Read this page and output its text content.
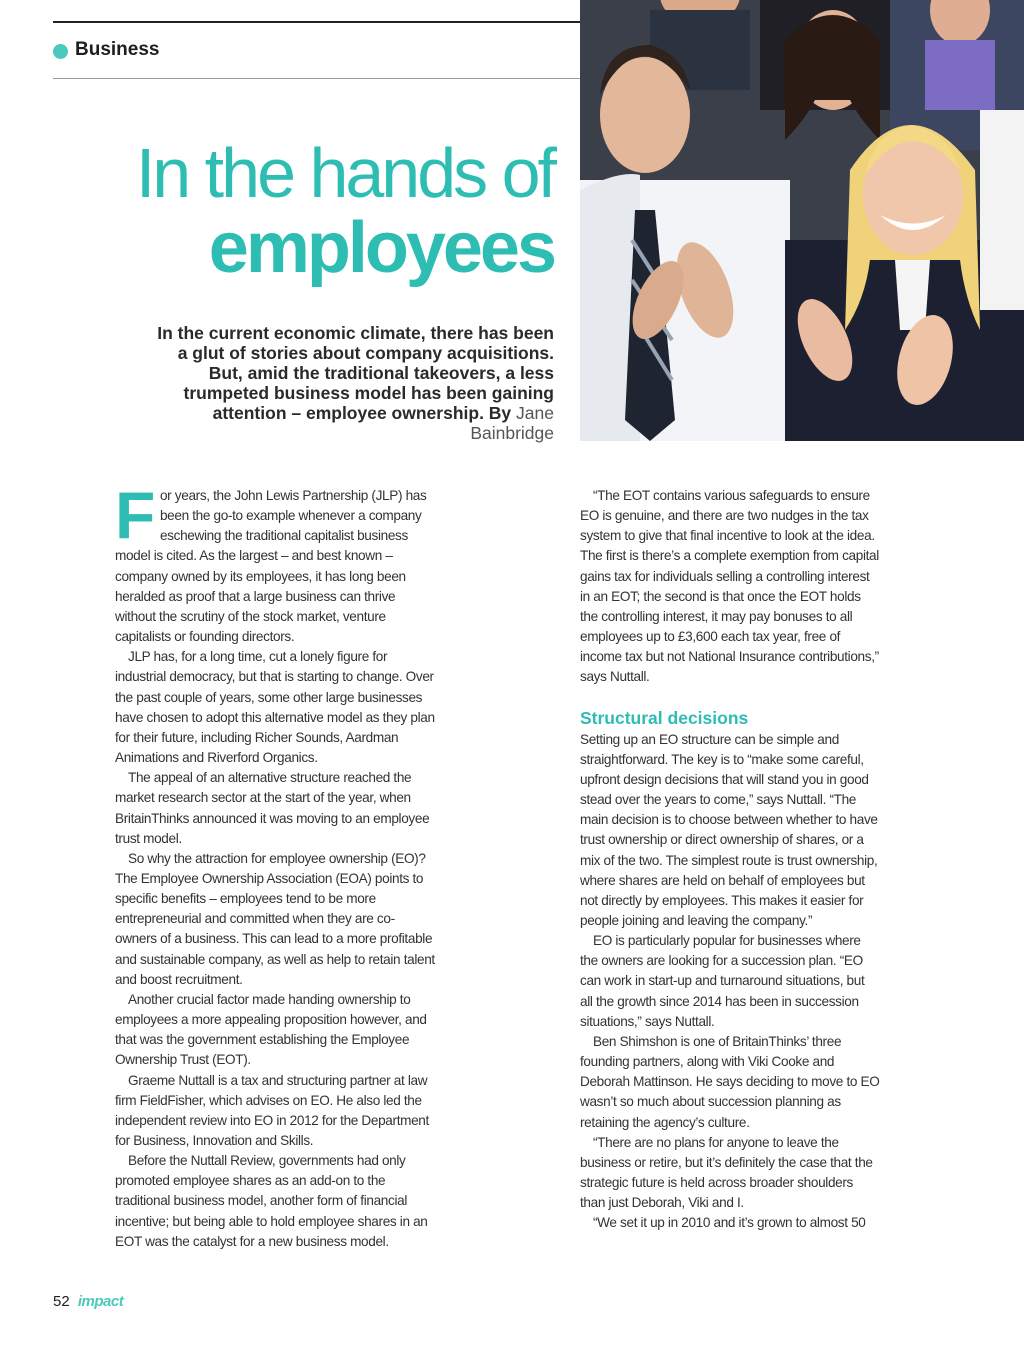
Business
In the hands of
employees
In the current economic climate, there has been a glut of stories about company acquisitions. But, amid the traditional takeovers, a less trumpeted business model has been gaining attention – employee ownership. By Jane Bainbridge

For years, the John Lewis Partnership (JLP) has been the go-to example whenever a company eschewing the traditional capitalist business model is cited. As the largest – and best known – company owned by its employees, it has long been heralded as proof that a large business can thrive without the scrutiny of the stock market, venture capitalists or founding directors.

JLP has, for a long time, cut a lonely figure for industrial democracy, but that is starting to change. Over the past couple of years, some other large businesses have chosen to adopt this alternative model as they plan for their future, including Richer Sounds, Aardman Animations and Riverford Organics.

The appeal of an alternative structure reached the market research sector at the start of the year, when BritainThinks announced it was moving to an employee trust model.

So why the attraction for employee ownership (EO)? The Employee Ownership Association (EOA) points to specific benefits – employees tend to be more entrepreneurial and committed when they are co-owners of a business. This can lead to a more profitable and sustainable company, as well as help to retain talent and boost recruitment.

Another crucial factor made handing ownership to employees a more appealing proposition however, and that was the government establishing the Employee Ownership Trust (EOT).

Graeme Nuttall is a tax and structuring partner at law firm FieldFisher, which advises on EO. He also led the independent review into EO in 2012 for the Department for Business, Innovation and Skills.

Before the Nuttall Review, governments had only promoted employee shares as an add-on to the traditional business model, another form of financial incentive; but being able to hold employee shares in an EOT was the catalyst for a new business model.

“The EOT contains various safeguards to ensure EO is genuine, and there are two nudges in the tax system to give that final incentive to look at the idea. The first is there’s a complete exemption from capital gains tax for individuals selling a controlling interest in an EOT; the second is that once the EOT holds the controlling interest, it may pay bonuses to all employees up to £3,600 each tax year, free of income tax but not National Insurance contributions,” says Nuttall.

Structural decisions

Setting up an EO structure can be simple and straightforward. The key is to “make some careful, upfront design decisions that will stand you in good stead over the years to come,” says Nuttall. “The main decision is to choose between whether to have trust ownership or direct ownership of shares, or a mix of the two. The simplest route is trust ownership, where shares are held on behalf of employees but not directly by employees. This makes it easier for people joining and leaving the company.”

EO is particularly popular for businesses where the owners are looking for a succession plan. “EO can work in start-up and turnaround situations, but all the growth since 2014 has been in succession situations,” says Nuttall.

Ben Shimshon is one of BritainThinks’ three founding partners, along with Viki Cooke and Deborah Mattinson. He says deciding to move to EO wasn’t so much about succession planning as retaining the agency’s culture.

“There are no plans for anyone to leave the business or retire, but it’s definitely the case that the strategic future is held across broader shoulders than just Deborah, Viki and I.

“We set it up in 2010 and it’s grown to almost 50

52 impact
